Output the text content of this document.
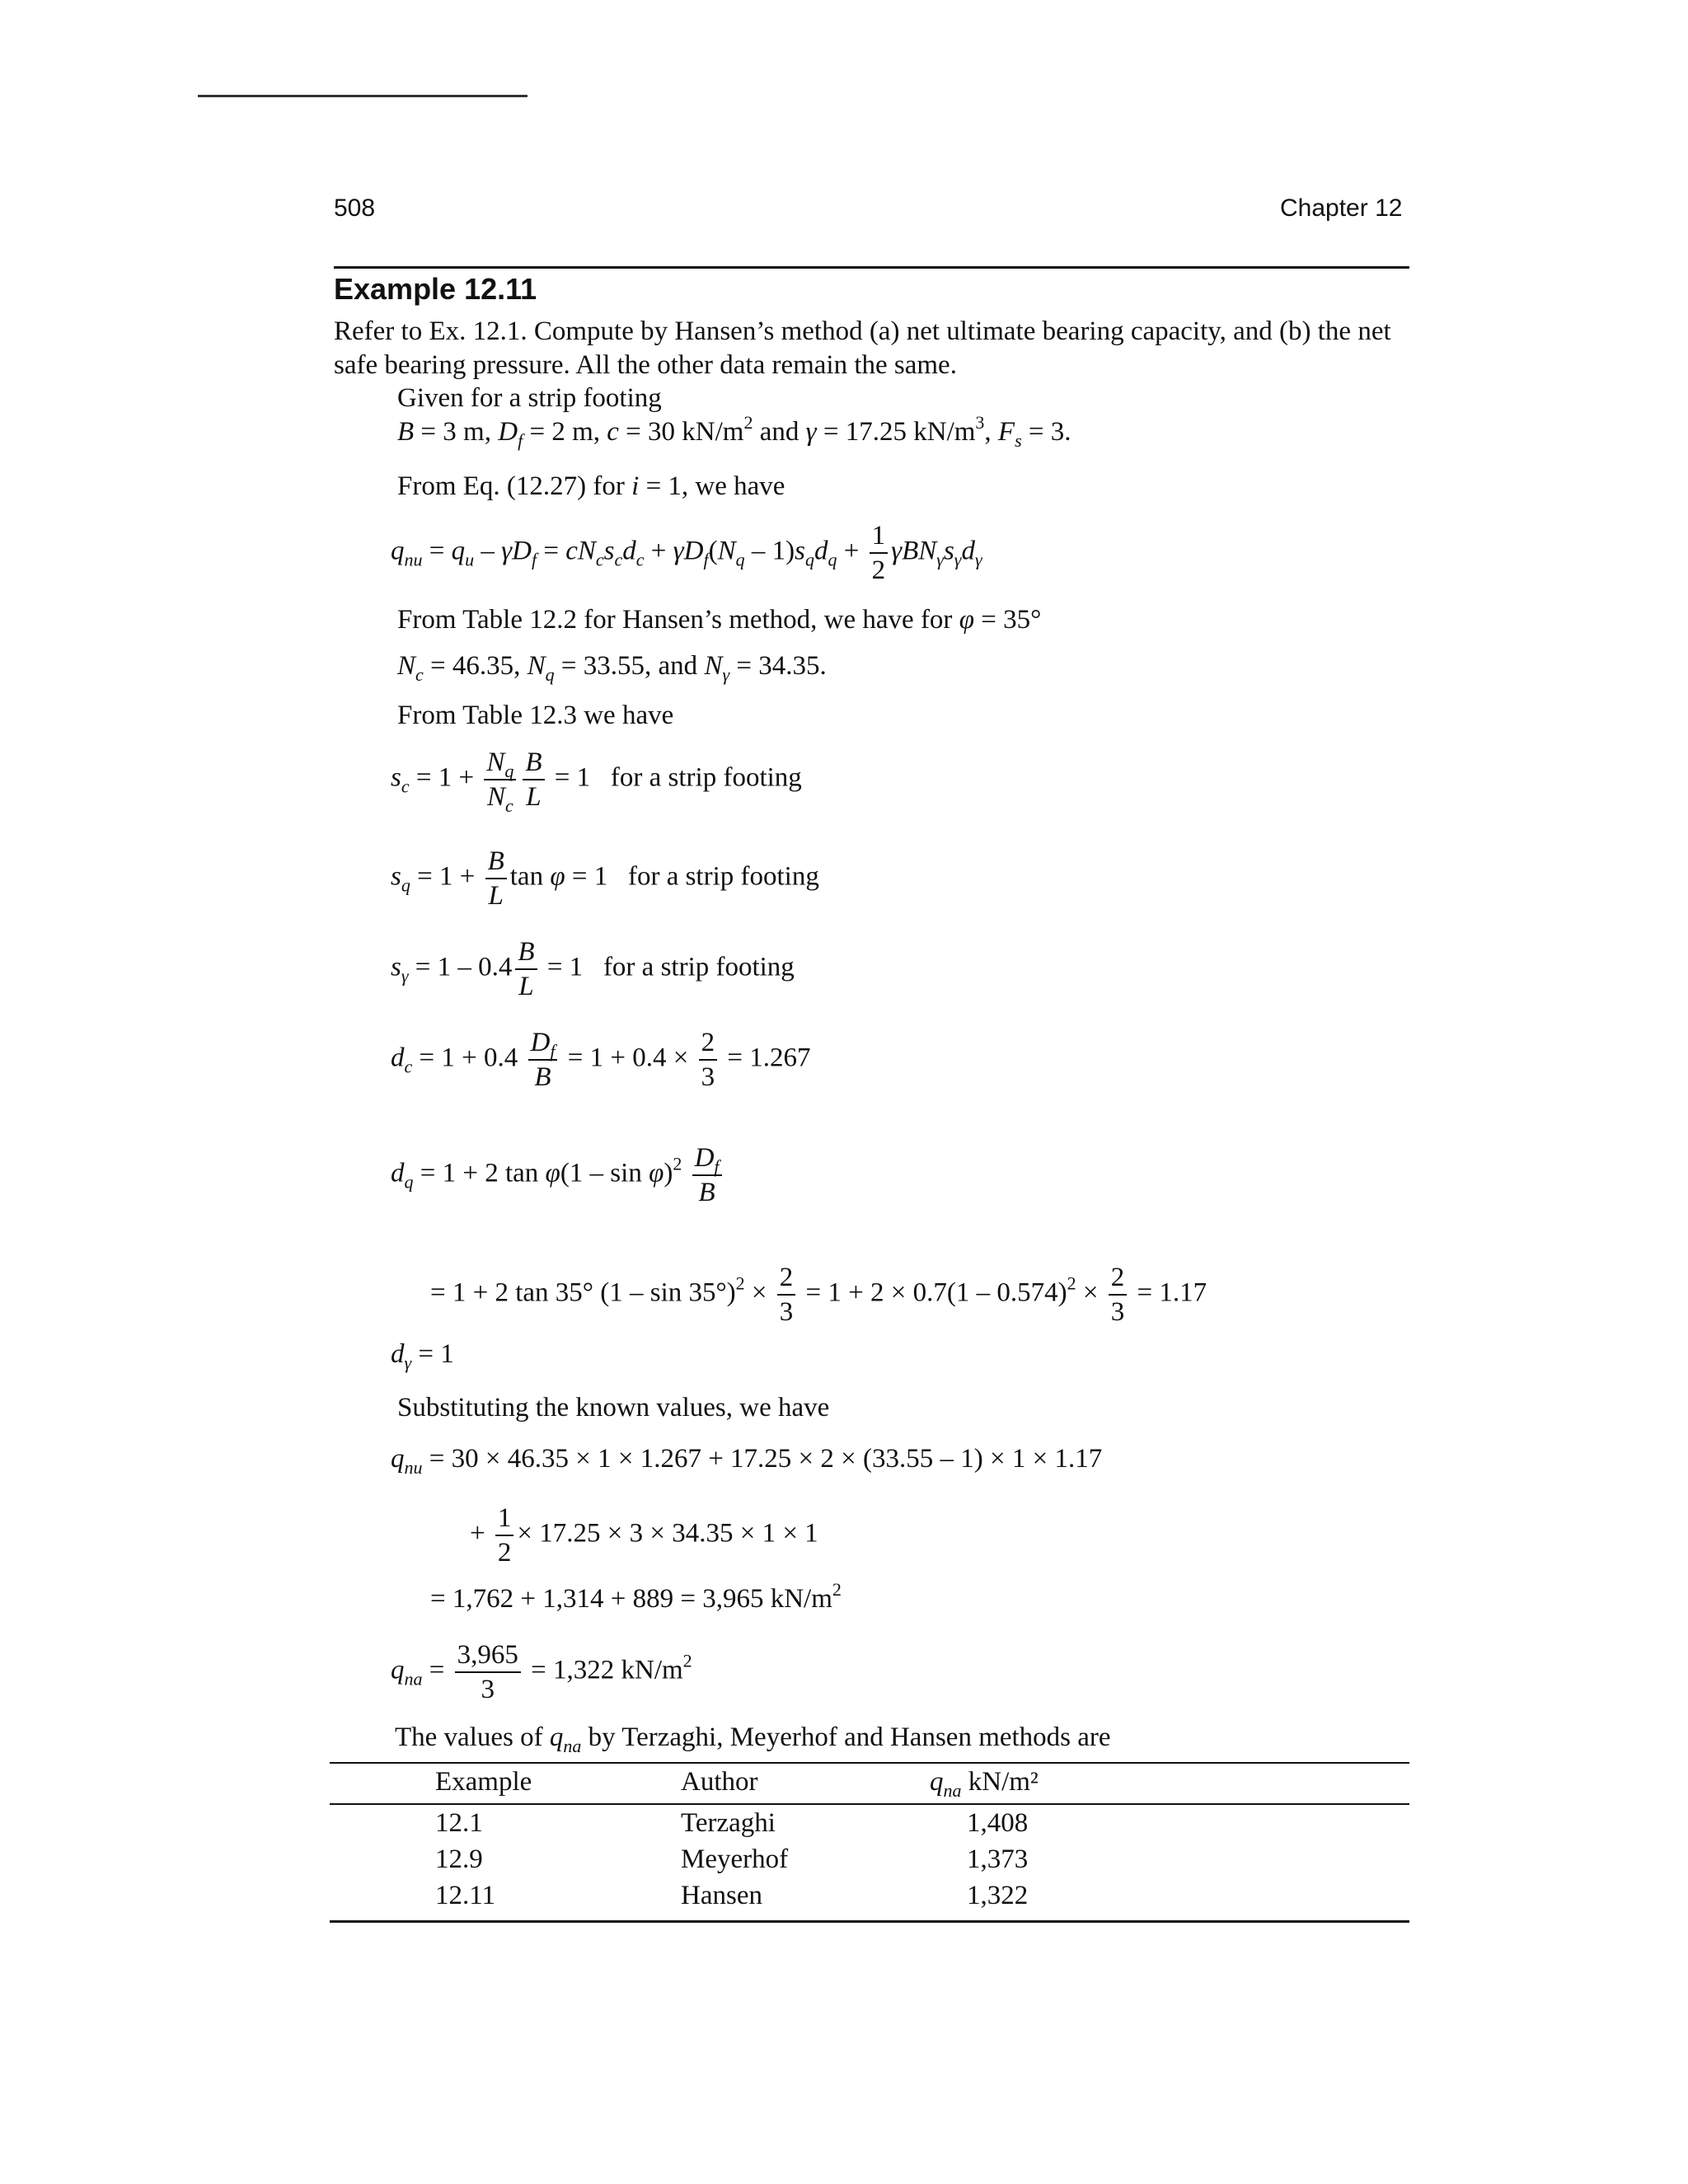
508	Chapter 12
Example 12.11
Refer to Ex. 12.1. Compute by Hansen’s method (a) net ultimate bearing capacity, and (b) the net
safe bearing pressure. All the other data remain the same.
Given for a strip footing
B = 3 m, $D_f = 2$ m, c = 30 $kN/m^2$ and γ = 17.25 $kN/m^3$, $F_s = 3$.
From Eq. (12.27) for i = 1, we have
$q_{nu} = q_u - \gamma D_f = cN_cs_cd_c + \gamma D_f(N_q - 1)s_qd_q + \frac{1}{2} \gamma BN_\gamma s_\gamma d_\gamma$
From Table 12.2 for Hansen’s method, we have for φ = 35°
$N_c = 46.35$, $N_q = 33.55$, and $N_\gamma = 34.35$.
From Table 12.3 we have
$s_c = 1 + \frac{N_q}{N_c} \frac{B}{L} = 1$   for a strip footing
$s_q = 1 + \frac{B}{L}$ tan φ = 1   for a strip footing
$s_\gamma = 1 - 0.4 \frac{B}{L} = 1$   for a strip footing
$d_c = 1 + 0.4 \frac{D_f}{B} = 1 + 0.4 \times \frac{2}{3} = 1.267$
$d_q = 1 + 2$ $\tan \varphi(1 - \sin \varphi)^2 \frac{D_f}{B}$
= 1 + 2 tan 35° $(1 - \sin 35^\circ)^2 \times \frac{2}{3} = 1 + 2 \times 0.7(1 - 0.574)^2 \times \frac{2}{3} = 1.17$
$d_\gamma = 1$
Substituting the known values, we have
$q_{nu} = 30 \times 46.35 \times 1 \times 1.267 + 17.25 \times 2 \times (33.55 - 1) \times 1 \times 1.17$
+ $\frac{1}{2} \times 17.25 \times 3 \times 34.35 \times 1 \times 1$
= 1,762 + 1,314 + 889 = 3,965 $kN/m^2$
$q_{na} = \frac{3,965}{3} = 1,322$ $kN/m^2$
The values of $q_{na}$ by Terzaghi, Meyerhof and Hansen methods are
Example	Author	$q_{na}$ kN/m²
12.1	Terzaghi	1,408
12.9	Meyerhof	1,373
12.11	Hansen	1,322
